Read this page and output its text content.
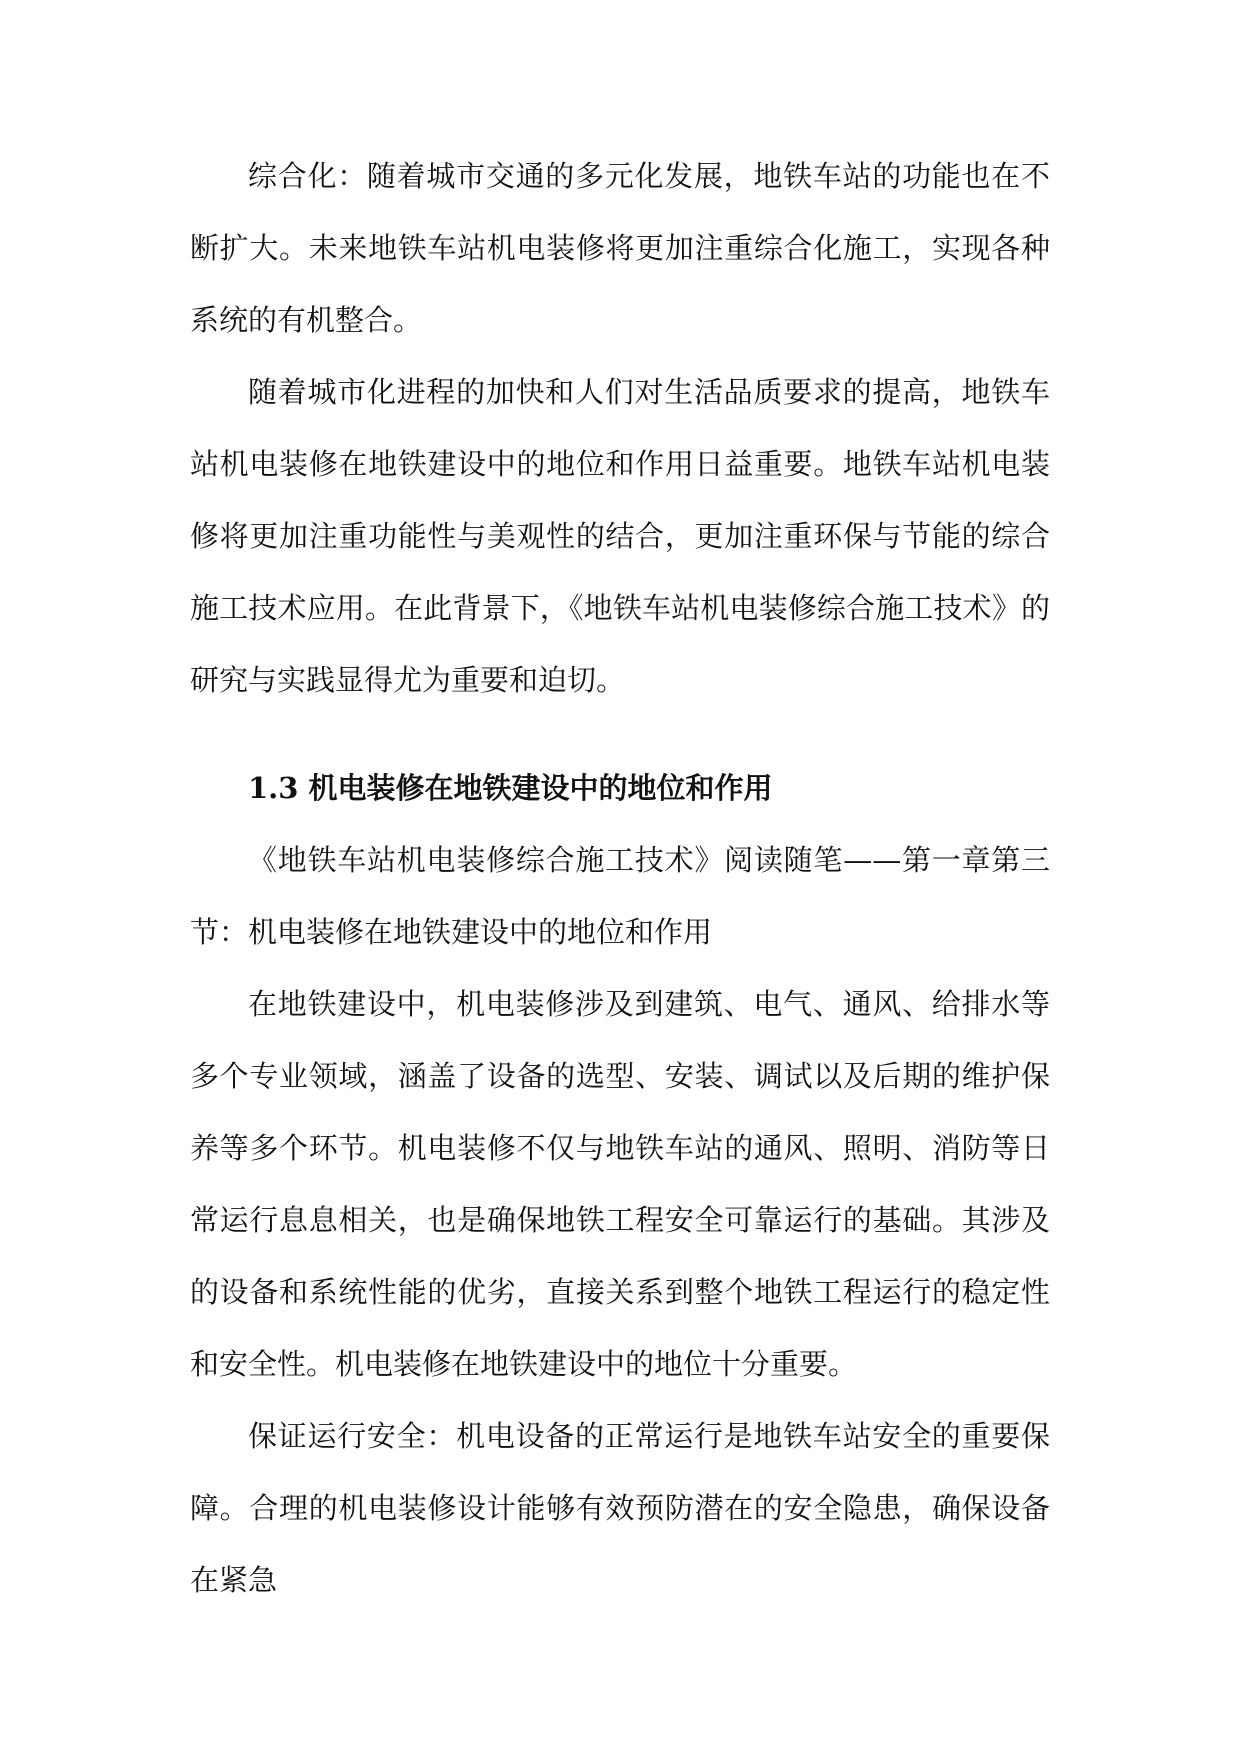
综合化：随着城市交通的多元化发展，地铁车站的功能也在不断扩大。未来地铁车站机电装修将更加注重综合化施工，实现各种系统的有机整合。

随着城市化进程的加快和人们对生活品质要求的提高，地铁车站机电装修在地铁建设中的地位和作用日益重要。地铁车站机电装修将更加注重功能性与美观性的结合，更加注重环保与节能的综合施工技术应用。在此背景下，《地铁车站机电装修综合施工技术》的研究与实践显得尤为重要和迫切。

1.3 机电装修在地铁建设中的地位和作用

《地铁车站机电装修综合施工技术》阅读随笔——第一章第三节：机电装修在地铁建设中的地位和作用

在地铁建设中，机电装修涉及到建筑、电气、通风、给排水等多个专业领域，涵盖了设备的选型、安装、调试以及后期的维护保养等多个环节。机电装修不仅与地铁车站的通风、照明、消防等日常运行息息相关，也是确保地铁工程安全可靠运行的基础。其涉及的设备和系统性能的优劣，直接关系到整个地铁工程运行的稳定性和安全性。机电装修在地铁建设中的地位十分重要。

保证运行安全：机电设备的正常运行是地铁车站安全的重要保障。合理的机电装修设计能够有效预防潜在的安全隐患，确保设备在紧急
